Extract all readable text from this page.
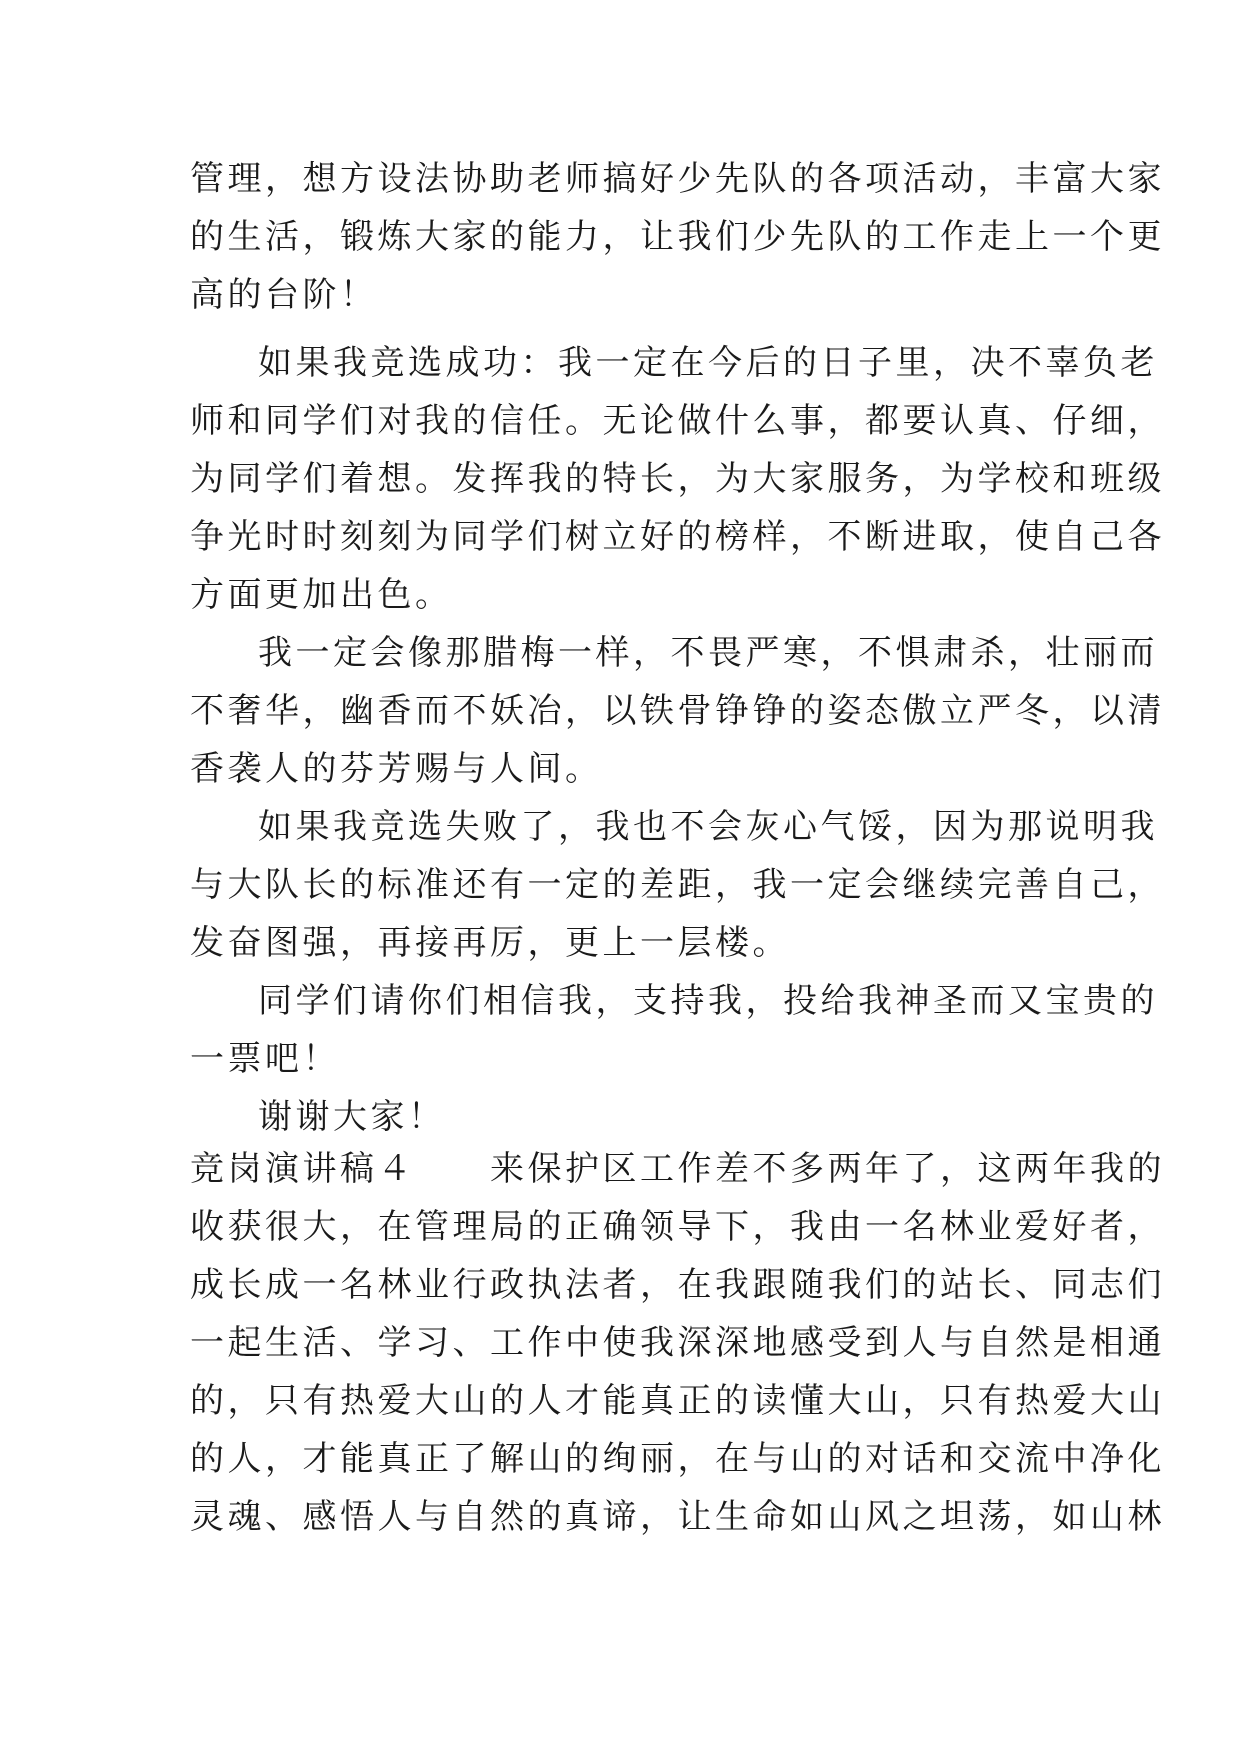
管理，想方设法协助老师搞好少先队的各项活动，丰富大家
的生活，锻炼大家的能力，让我们少先队的工作走上一个更
高的台阶！
如果我竞选成功：我一定在今后的日子里，决不辜负老
师和同学们对我的信任。无论做什么事，都要认真、仔细，
为同学们着想。发挥我的特长，为大家服务，为学校和班级
争光时时刻刻为同学们树立好的榜样，不断进取，使自己各
方面更加出色。
我一定会像那腊梅一样，不畏严寒，不惧肃杀，壮丽而
不奢华，幽香而不妖冶，以铁骨铮铮的姿态傲立严冬，以清
香袭人的芬芳赐与人间。
如果我竞选失败了，我也不会灰心气馁，因为那说明我
与大队长的标准还有一定的差距，我一定会继续完善自己，
发奋图强，再接再厉，更上一层楼。
同学们请你们相信我，支持我，投给我神圣而又宝贵的
一票吧！
谢谢大家！
竞岗演讲稿４　　来保护区工作差不多两年了，这两年我的
收获很大，在管理局的正确领导下，我由一名林业爱好者，
成长成一名林业行政执法者，在我跟随我们的站长、同志们
一起生活、学习、工作中使我深深地感受到人与自然是相通
的，只有热爱大山的人才能真正的读懂大山，只有热爱大山
的人，才能真正了解山的绚丽，在与山的对话和交流中净化
灵魂、感悟人与自然的真谛，让生命如山风之坦荡，如山林
